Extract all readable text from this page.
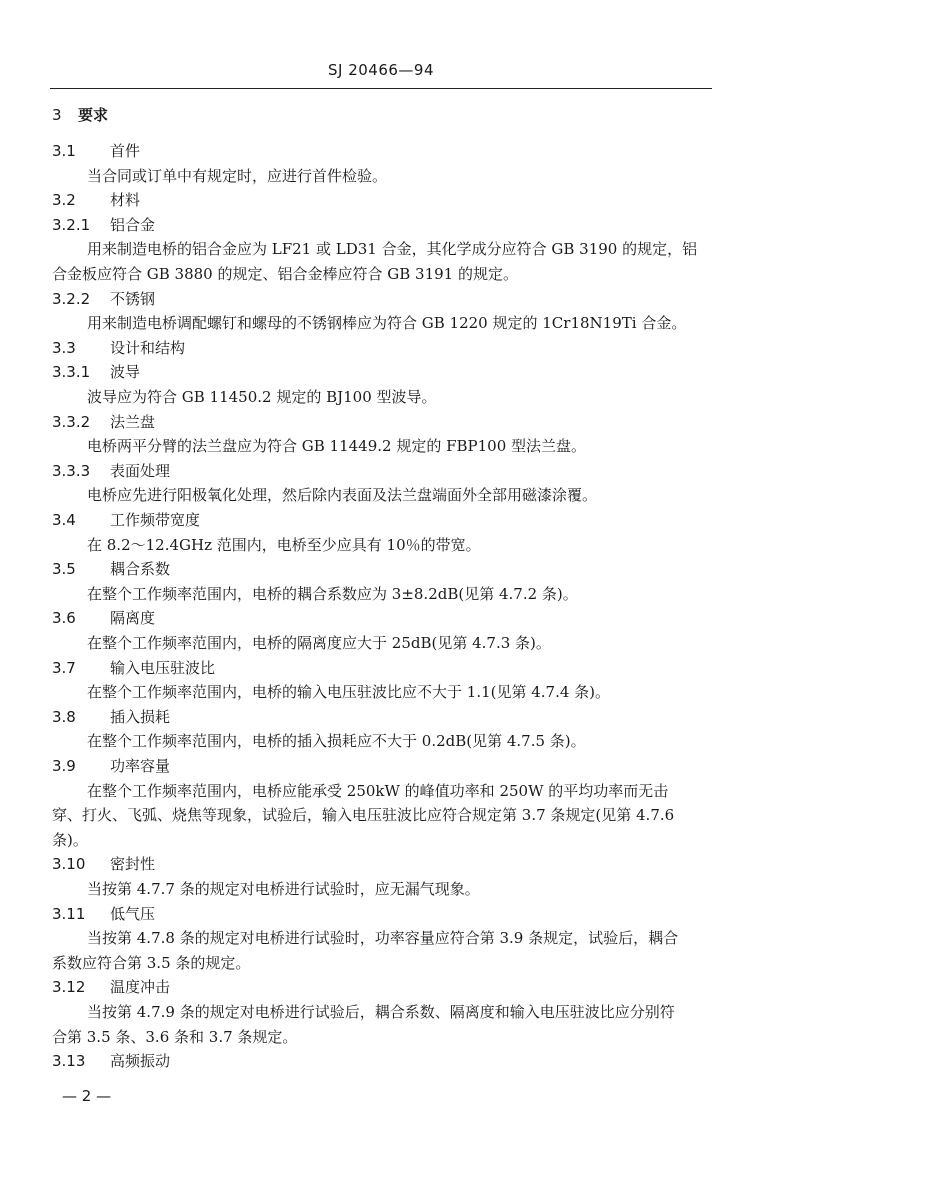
SJ 20466—94
3 要求
3.1 首件
当合同或订单中有规定时，应进行首件检验。
3.2 材料
3.2.1 铝合金
用来制造电桥的铝合金应为 LF21 或 LD31 合金，其化学成分应符合 GB 3190 的规定，铝
合金板应符合 GB 3880 的规定、铝合金棒应符合 GB 3191 的规定。
3.2.2 不锈钢
用来制造电桥调配螺钉和螺母的不锈钢棒应为符合 GB 1220 规定的 1Cr18N19Ti 合金。
3.3 设计和结构
3.3.1 波导
波导应为符合 GB 11450.2 规定的 BJ100 型波导。
3.3.2 法兰盘
电桥两平分臂的法兰盘应为符合 GB 11449.2 规定的 FBP100 型法兰盘。
3.3.3 表面处理
电桥应先进行阳极氧化处理，然后除内表面及法兰盘端面外全部用磁漆涂覆。
3.4 工作频带宽度
在 8.2～12.4GHz 范围内，电桥至少应具有 10％的带宽。
3.5 耦合系数
在整个工作频率范围内，电桥的耦合系数应为 3±8.2dB(见第 4.7.2 条)。
3.6 隔离度
在整个工作频率范围内，电桥的隔离度应大于 25dB(见第 4.7.3 条)。
3.7 输入电压驻波比
在整个工作频率范围内，电桥的输入电压驻波比应不大于 1.1(见第 4.7.4 条)。
3.8 插入损耗
在整个工作频率范围内，电桥的插入损耗应不大于 0.2dB(见第 4.7.5 条)。
3.9 功率容量
在整个工作频率范围内，电桥应能承受 250kW 的峰值功率和 250W 的平均功率而无击
穿、打火、飞弧、烧焦等现象，试验后，输入电压驻波比应符合规定第 3.7 条规定(见第 4.7.6
条)。
3.10 密封性
当按第 4.7.7 条的规定对电桥进行试验时，应无漏气现象。
3.11 低气压
当按第 4.7.8 条的规定对电桥进行试验时，功率容量应符合第 3.9 条规定，试验后，耦合
系数应符合第 3.5 条的规定。
3.12 温度冲击
当按第 4.7.9 条的规定对电桥进行试验后，耦合系数、隔离度和输入电压驻波比应分别符
合第 3.5 条、3.6 条和 3.7 条规定。
3.13 高频振动
— 2 —
